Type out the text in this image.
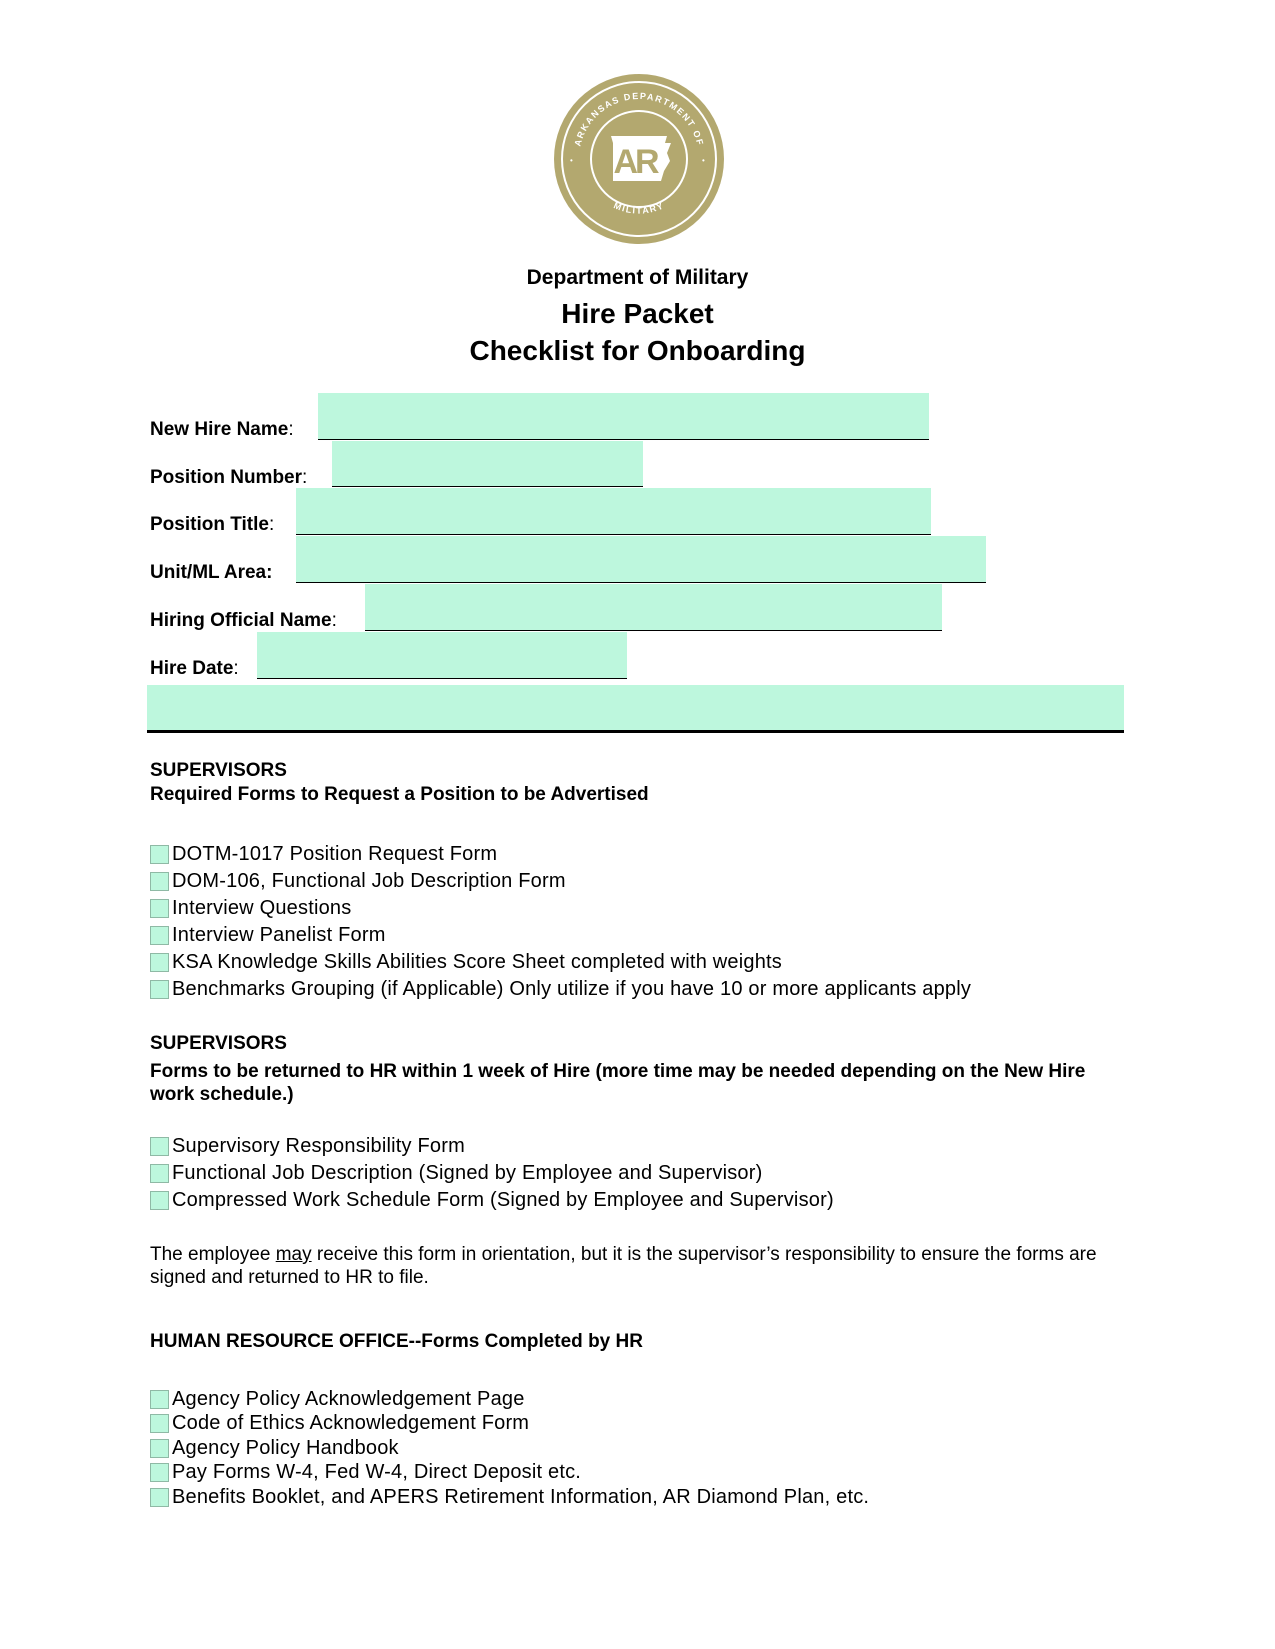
ARKANSAS DEPARTMENT OF
MILITARY
•	•
AR
Department of Military
Hire Packet
Checklist for Onboarding
New Hire Name:
Position Number:
Position Title:
Unit/ML Area:
Hiring Official Name:
Hire Date:
SUPERVISORS
Required Forms to Request a Position to be Advertised
DOTM-1017 Position Request Form
DOM-106, Functional Job Description Form
Interview Questions
Interview Panelist Form
KSA Knowledge Skills Abilities Score Sheet completed with weights
Benchmarks Grouping (if Applicable) Only utilize if you have 10 or more applicants apply
SUPERVISORS
Forms to be returned to HR within 1 week of Hire (more time may be needed depending on the New Hire work schedule.)
Supervisory Responsibility Form
Functional Job Description (Signed by Employee and Supervisor)
Compressed Work Schedule Form (Signed by Employee and Supervisor)
The employee may receive this form in orientation, but it is the supervisor’s responsibility to ensure the forms are signed and returned to HR to file.
HUMAN RESOURCE OFFICE--Forms Completed by HR
Agency Policy Acknowledgement Page
Code of Ethics Acknowledgement Form
Agency Policy Handbook
Pay Forms W-4, Fed W-4, Direct Deposit etc.
Benefits Booklet, and APERS Retirement Information, AR Diamond Plan, etc.
